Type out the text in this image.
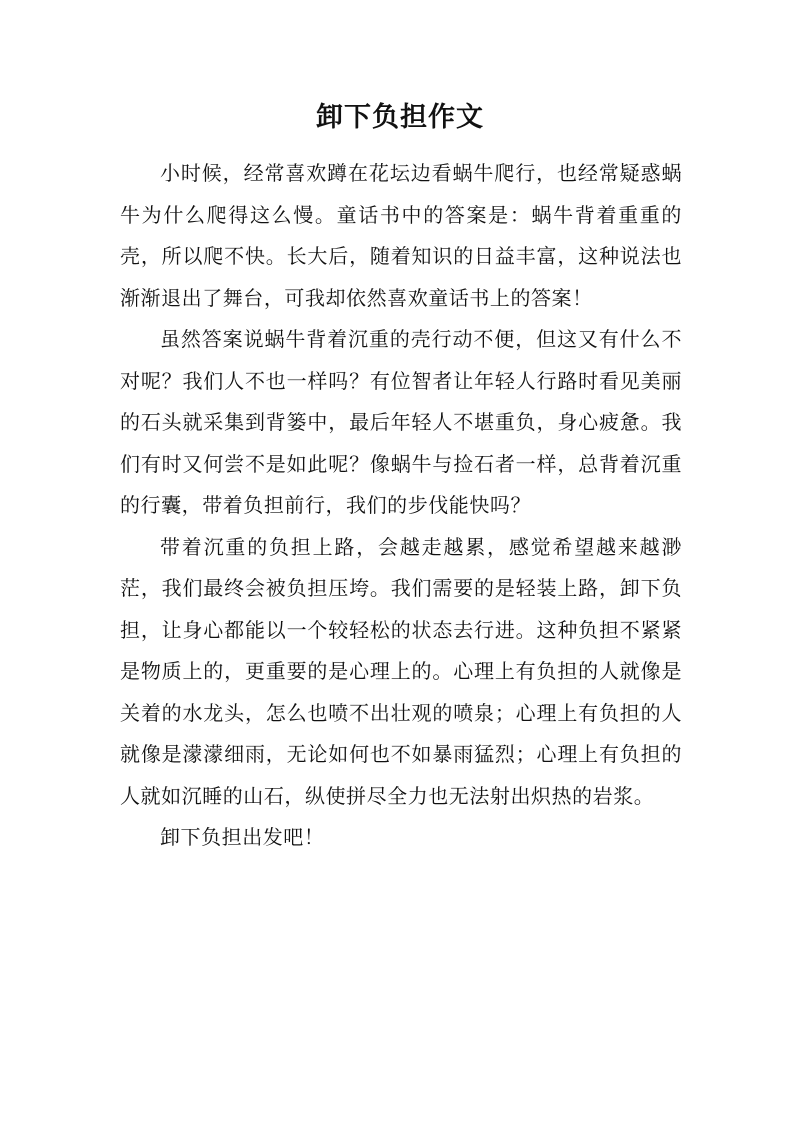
卸下负担作文

小时候，经常喜欢蹲在花坛边看蜗牛爬行，也经常疑惑蜗牛为什么爬得这么慢。童话书中的答案是：蜗牛背着重重的壳，所以爬不快。长大后，随着知识的日益丰富，这种说法也渐渐退出了舞台，可我却依然喜欢童话书上的答案！

虽然答案说蜗牛背着沉重的壳行动不便，但这又有什么不对呢？我们人不也一样吗？有位智者让年轻人行路时看见美丽的石头就采集到背篓中，最后年轻人不堪重负，身心疲惫。我们有时又何尝不是如此呢？像蜗牛与捡石者一样，总背着沉重的行囊，带着负担前行，我们的步伐能快吗？

带着沉重的负担上路，会越走越累，感觉希望越来越渺茫，我们最终会被负担压垮。我们需要的是轻装上路，卸下负担，让身心都能以一个较轻松的状态去行进。这种负担不紧紧是物质上的，更重要的是心理上的。心理上有负担的人就像是关着的水龙头，怎么也喷不出壮观的喷泉；心理上有负担的人就像是濛濛细雨，无论如何也不如暴雨猛烈；心理上有负担的人就如沉睡的山石，纵使拼尽全力也无法射出炽热的岩浆。

卸下负担出发吧！
